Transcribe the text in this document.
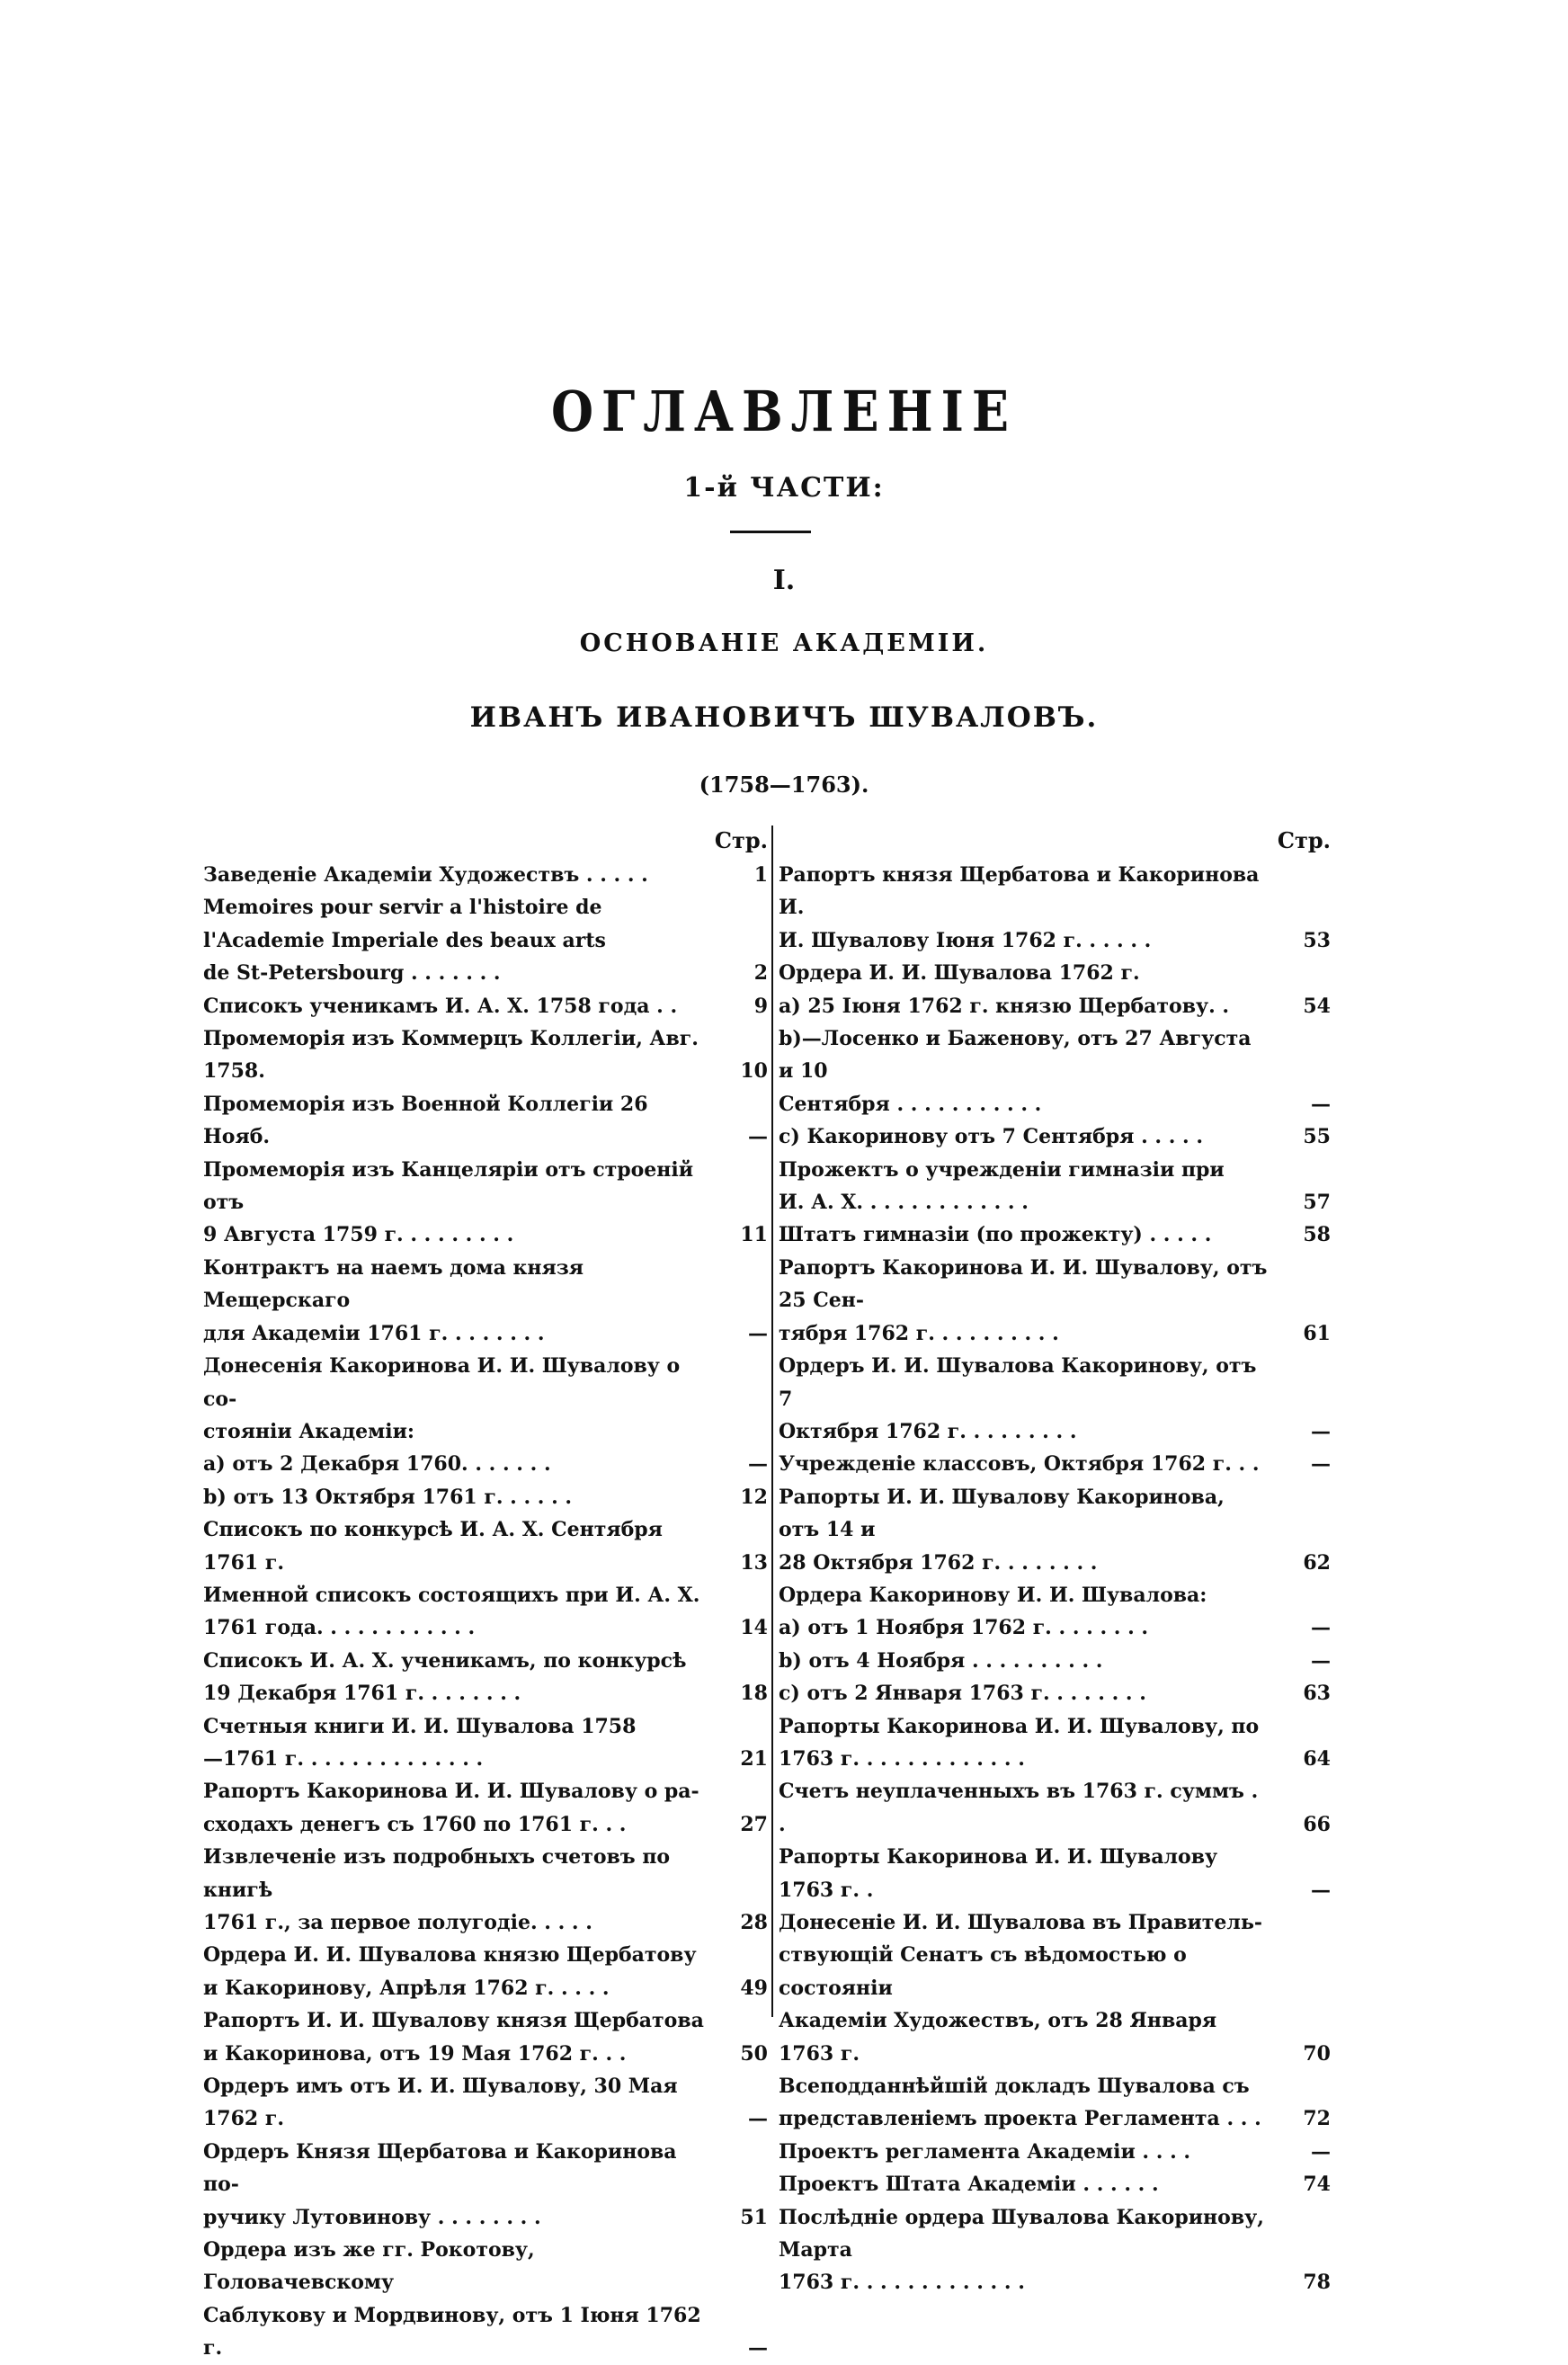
ОГЛАВЛЕНІЕ
1-й ЧАСТИ:
I.
ОСНОВАНІЕ АКАДЕМІИ.
ИВАНЪ ИВАНОВИЧЪ ШУВАЛОВЪ.
(1758—1763).
Стр.
Заведеніе Академіи Художествъ . . . . .	1
Memoires pour servir a l'histoire de
l'Academie Imperiale des beaux arts
de St-Petersbourg . . . . . . .	2
Списокъ ученикамъ И. А. Х. 1758 года . .	9
Промеморія изъ Коммерцъ Коллегіи, Авг. 1758.	10
Промеморія изъ Военной Коллегіи 26 Нояб.	—
Промеморія изъ Канцеляріи отъ строеній отъ
9 Августа 1759 г. . . . . . . . .	11
Контрактъ на наемъ дома князя Мещерскаго
для Академіи 1761 г. . . . . . . .	—
Донесенія Какоринова И. И. Шувалову о со-
стояніи Академіи:
a) отъ 2 Декабря 1760. . . . . . .	—
b) отъ 13 Октября 1761 г. . . . . .	12
Списокъ по конкурсѣ И. А. Х. Сентября 1761 г.	13
Именной списокъ состоящихъ при И. А. Х.
1761 года. . . . . . . . . . . .	14
Списокъ И. А. Х. ученикамъ, по конкурсѣ
19 Декабря 1761 г. . . . . . . .	18
Счетныя книги И. И. Шувалова 1758
—1761 г. . . . . . . . . . . . . .	21
Рапортъ Какоринова И. И. Шувалову о ра-
сходахъ денегъ съ 1760 по 1761 г. . .	27
Извлеченіе изъ подробныхъ счетовъ по книгѣ
1761 г., за первое полугодіе. . . . .	28
Ордера И. И. Шувалова князю Щербатову
и Какоринову, Апрѣля 1762 г. . . . .	49
Рапортъ И. И. Шувалову князя Щербатова
и Какоринова, отъ 19 Мая 1762 г. . .	50
Ордеръ имъ отъ И. И. Шувалову, 30 Мая 1762 г.	—
Ордеръ Князя Щербатова и Какоринова по-
ручику Лутовинову . . . . . . . .	51
Ордера изъ же гг. Рокотову, Головачевскому
Саблукову и Мордвинову, отъ 1 Іюня 1762 г.	—
Стр.
Рапортъ князя Щербатова и Какоринова И.
И. Шувалову Іюня 1762 г. . . . . .	53
Ордера И. И. Шувалова 1762 г.
a) 25 Іюня 1762 г. князю Щербатову. .	54
b)—Лосенко и Баженову, отъ 27 Августа и 10
Сентября . . . . . . . . . . .	—
c) Какоринову отъ 7 Сентября . . . . .	55
Прожектъ о учрежденіи гимназіи при
И. А. Х. . . . . . . . . . . . .	57
Штатъ гимназіи (по прожекту) . . . . .	58
Рапортъ Какоринова И. И. Шувалову, отъ 25 Сен-
тября 1762 г. . . . . . . . . .	61
Ордеръ И. И. Шувалова Какоринову, отъ 7
Октября 1762 г. . . . . . . . .	—
Учрежденіе классовъ, Октября 1762 г. . .	—
Рапорты И. И. Шувалову Какоринова, отъ 14 и
28 Октября 1762 г. . . . . . . .	62
Ордера Какоринову И. И. Шувалова:
a) отъ 1 Ноября 1762 г. . . . . . . .	—
b) отъ 4 Ноября . . . . . . . . . .	—
c) отъ 2 Января 1763 г. . . . . . . .	63
Рапорты Какоринова И. И. Шувалову, по
1763 г. . . . . . . . . . . . .	64
Счетъ неуплаченныхъ въ 1763 г. суммъ . .	66
Рапорты Какоринова И. И. Шувалову 1763 г. .	—
Донесеніе И. И. Шувалова въ Правитель-
ствующій Сенатъ съ вѣдомостью о состояніи
Академіи Художествъ, отъ 28 Января 1763 г.	70
Всеподданнѣйшій докладъ Шувалова съ
представленіемъ проекта Регламента . . .	72
Проектъ регламента Академіи . . . .	—
Проектъ Штата Академіи . . . . . .	74
Послѣдніе ордера Шувалова Какоринову, Марта
1763 г. . . . . . . . . . . . .	78
